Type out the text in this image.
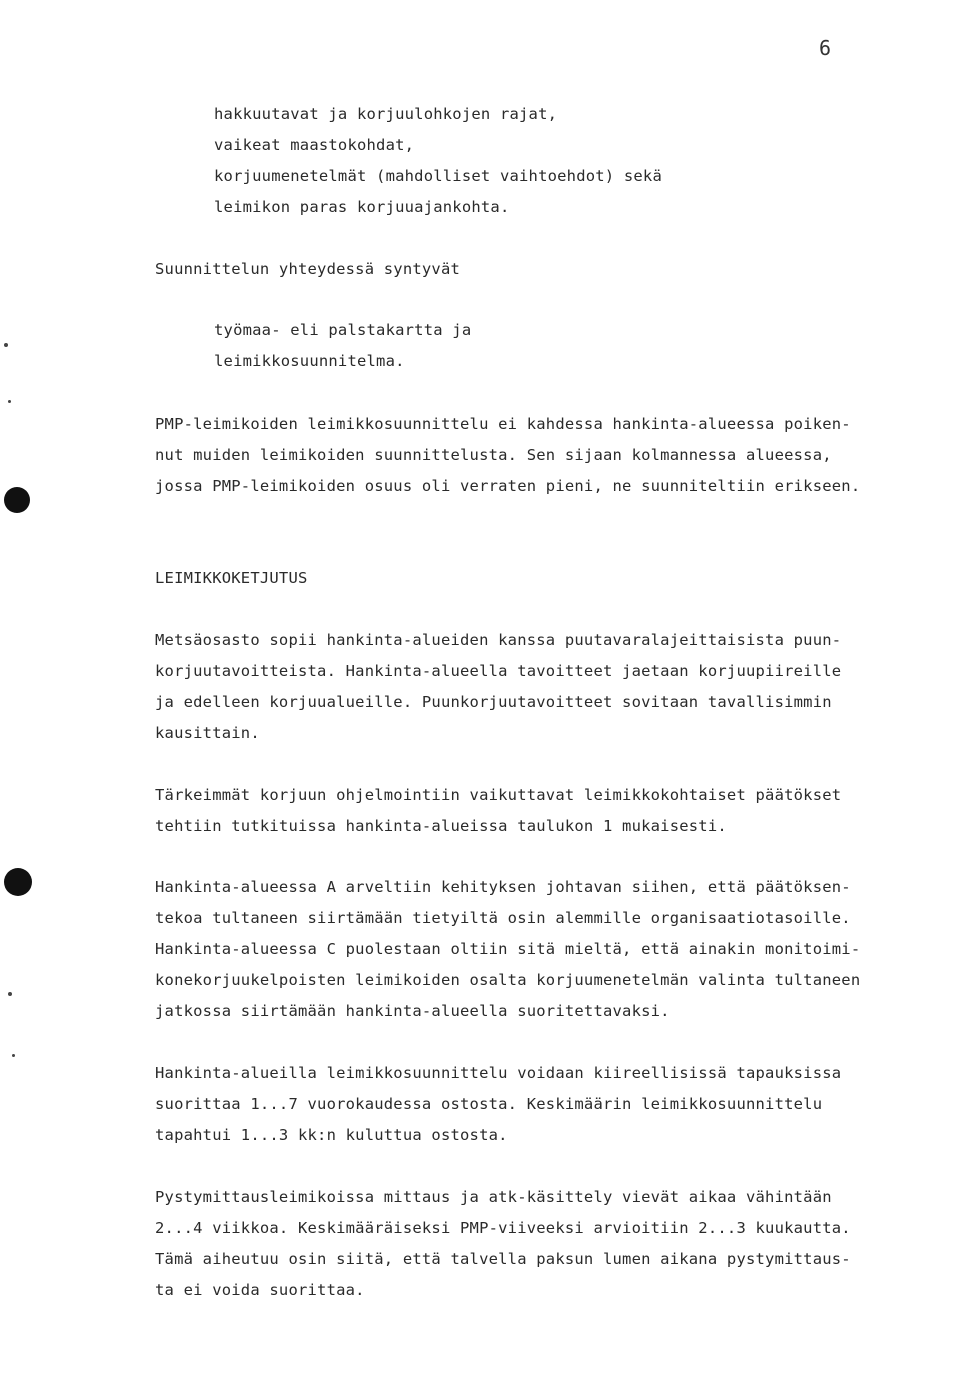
6
hakkuutavat ja korjuulohkojen rajat,
vaikeat maastokohdat,
korjuumenetelmät (mahdolliset vaihtoehdot) sekä
leimikon paras korjuuajankohta.
Suunnittelun yhteydessä syntyvät
työmaa- eli palstakartta ja
leimikkosuunnitelma.
PMP-leimikoiden leimikkosuunnittelu ei kahdessa hankinta-alueessa poiken-
nut muiden leimikoiden suunnittelusta. Sen sijaan kolmannessa alueessa,
jossa PMP-leimikoiden osuus oli verraten pieni, ne suunniteltiin erikseen.
LEIMIKKOKETJUTUS
Metsäosasto sopii hankinta-alueiden kanssa puutavaralajeittaisista puun-
korjuutavoitteista. Hankinta-alueella tavoitteet jaetaan korjuupiireille
ja edelleen korjuualueille. Puunkorjuutavoitteet sovitaan tavallisimmin
kausittain.
Tärkeimmät korjuun ohjelmointiin vaikuttavat leimikkokohtaiset päätökset
tehtiin tutkituissa hankinta-alueissa taulukon 1 mukaisesti.
Hankinta-alueessa A arveltiin kehityksen johtavan siihen, että päätöksen-
tekoa tultaneen siirtämään tietyiltä osin alemmille organisaatiotasoille.
Hankinta-alueessa C puolestaan oltiin sitä mieltä, että ainakin monitoimi-
konekorjuukelpoisten leimikoiden osalta korjuumenetelmän valinta tultaneen
jatkossa siirtämään hankinta-alueella suoritettavaksi.
Hankinta-alueilla leimikkosuunnittelu voidaan kiireellisissä tapauksissa
suorittaa 1...7 vuorokaudessa ostosta. Keskimäärin leimikkosuunnittelu
tapahtui 1...3 kk:n kuluttua ostosta.
Pystymittausleimikoissa mittaus ja atk-käsittely vievät aikaa vähintään
2...4 viikkoa. Keskimääräiseksi PMP-viiveeksi arvioitiin 2...3 kuukautta.
Tämä aiheutuu osin siitä, että talvella paksun lumen aikana pystymittaus-
ta ei voida suorittaa.
